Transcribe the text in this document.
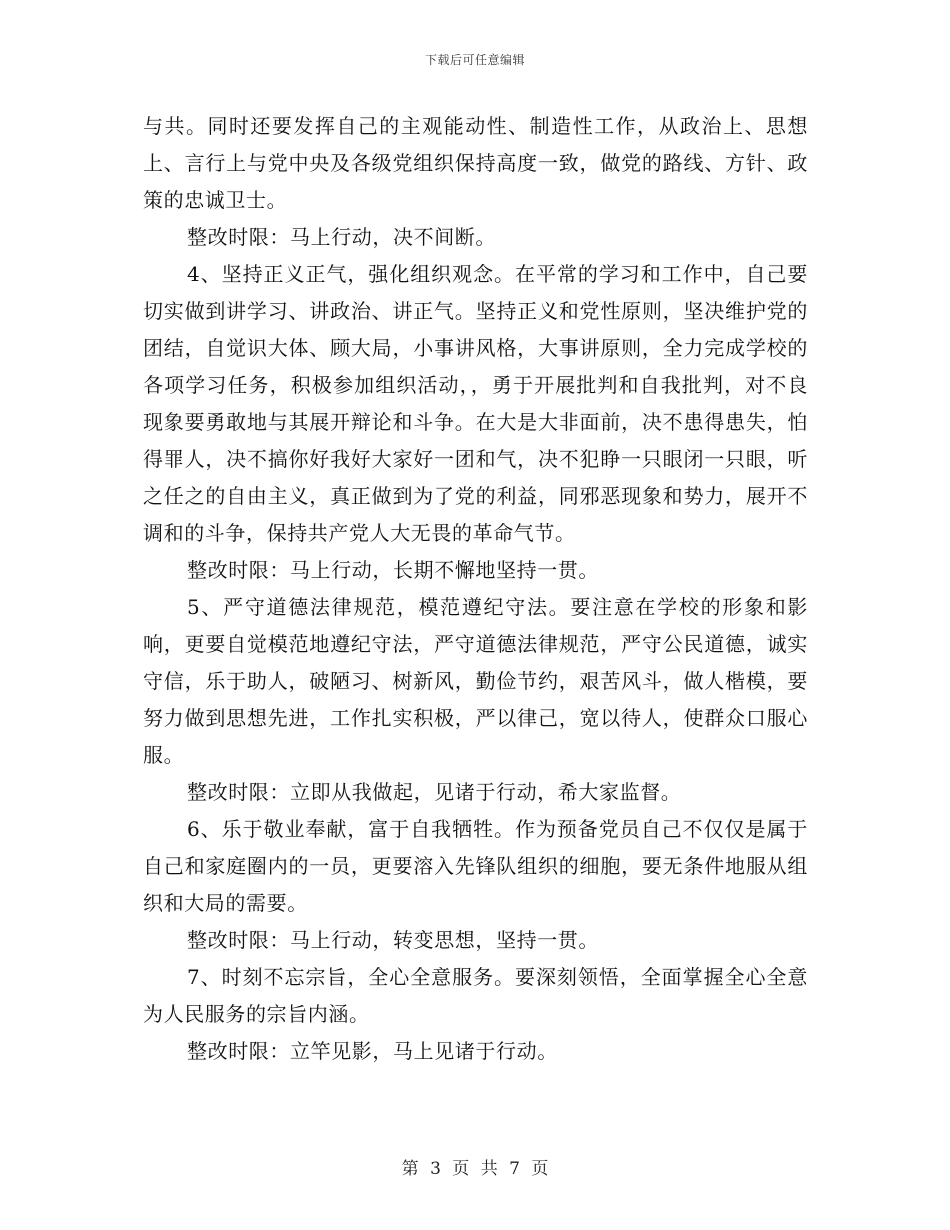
下载后可任意编辑

与共。同时还要发挥自己的主观能动性、制造性工作，从政治上、思想上、言行上与党中央及各级党组织保持高度一致，做党的路线、方针、政策的忠诚卫士。

整改时限：马上行动，决不间断。

4、坚持正义正气，强化组织观念。在平常的学习和工作中，自己要切实做到讲学习、讲政治、讲正气。坚持正义和党性原则，坚决维护党的团结，自觉识大体、顾大局，小事讲风格，大事讲原则，全力完成学校的各项学习任务，积极参加组织活动，，勇于开展批判和自我批判，对不良现象要勇敢地与其展开辩论和斗争。在大是大非面前，决不患得患失，怕得罪人，决不搞你好我好大家好一团和气，决不犯睁一只眼闭一只眼，听之任之的自由主义，真正做到为了党的利益，同邪恶现象和势力，展开不调和的斗争，保持共产党人大无畏的革命气节。

整改时限：马上行动，长期不懈地坚持一贯。

5、严守道德法律规范，模范遵纪守法。要注意在学校的形象和影响，更要自觉模范地遵纪守法，严守道德法律规范，严守公民道德，诚实守信，乐于助人，破陋习、树新风，勤俭节约，艰苦风斗，做人楷模，要努力做到思想先进，工作扎实积极，严以律己，宽以待人，使群众口服心服。

整改时限：立即从我做起，见诸于行动，希大家监督。

6、乐于敬业奉献，富于自我牺牲。作为预备党员自己不仅仅是属于自己和家庭圈内的一员，更要溶入先锋队组织的细胞，要无条件地服从组织和大局的需要。

整改时限：马上行动，转变思想，坚持一贯。

7、时刻不忘宗旨，全心全意服务。要深刻领悟，全面掌握全心全意为人民服务的宗旨内涵。

整改时限：立竿见影，马上见诸于行动。

第 3 页 共 7 页
